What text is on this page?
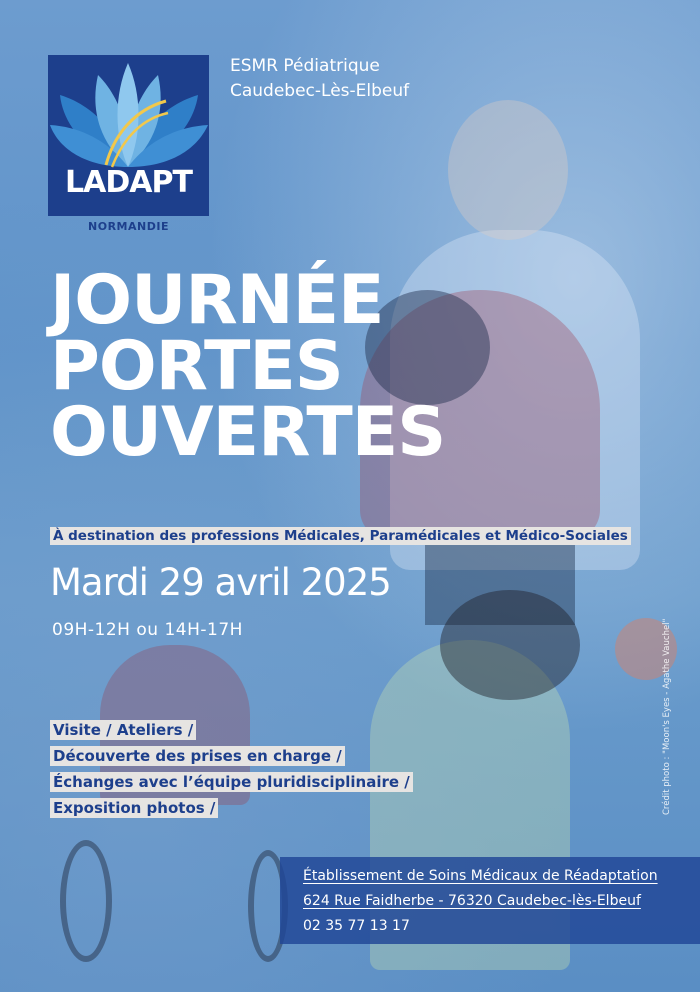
LADAPT
NORMANDIE
ESMR Pédiatrique
Caudebec-Lès-Elbeuf
JOURNÉE
PORTES
OUVERTES
À destination des professions Médicales, Paramédicales et Médico-Sociales
Mardi 29 avril 2025
09H-12H ou 14H-17H
Visite / Ateliers /
Découverte des prises en charge /
Échanges avec l’équipe pluridisciplinaire /
Exposition photos /	Crédit photo : "Moon's Eyes - Agathe Vauchel"
Établissement de Soins Médicaux de Réadaptation
624 Rue Faidherbe - 76320 Caudebec-lès-Elbeuf
02 35 77 13 17
